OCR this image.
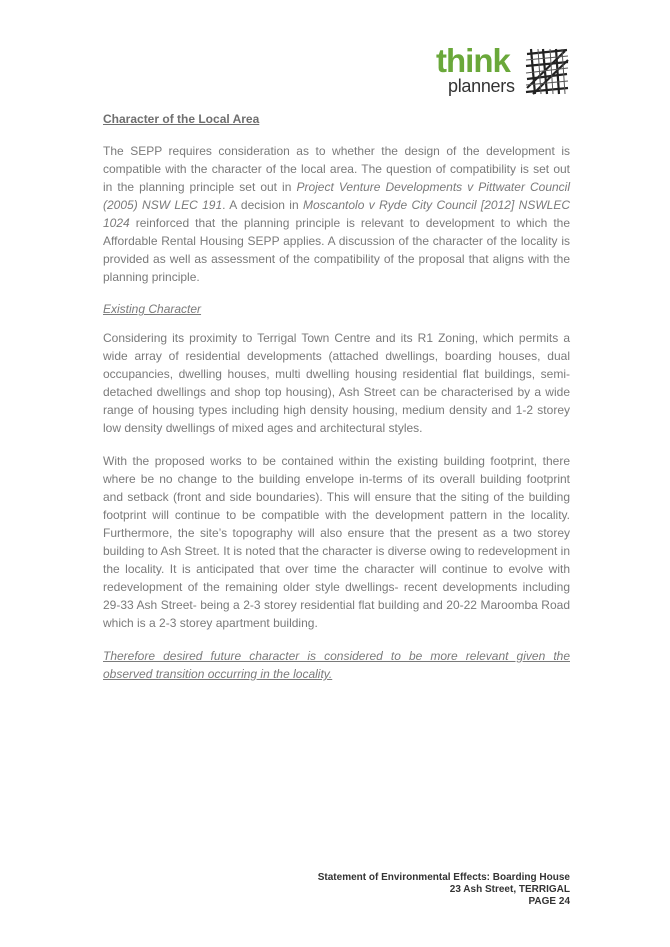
think
planners
Character of the Local Area

The SEPP requires consideration as to whether the design of the development is compatible with the character of the local area. The question of compatibility is set out in the planning principle set out in Project Venture Developments v Pittwater Council (2005) NSW LEC 191. A decision in Moscantolo v Ryde City Council [2012] NSWLEC 1024 reinforced that the planning principle is relevant to development to which the Affordable Rental Housing SEPP applies. A discussion of the character of the locality is provided as well as assessment of the compatibility of the proposal that aligns with the planning principle.

Existing Character

Considering its proximity to Terrigal Town Centre and its R1 Zoning, which permits a wide array of residential developments (attached dwellings, boarding houses, dual occupancies, dwelling houses, multi dwelling housing residential flat buildings, semi-detached dwellings and shop top housing), Ash Street can be characterised by a wide range of housing types including high density housing, medium density and 1-2 storey low density dwellings of mixed ages and architectural styles.

With the proposed works to be contained within the existing building footprint, there where be no change to the building envelope in-terms of its overall building footprint and setback (front and side boundaries). This will ensure that the siting of the building footprint will continue to be compatible with the development pattern in the locality. Furthermore, the site’s topography will also ensure that the present as a two storey building to Ash Street. It is noted that the character is diverse owing to redevelopment in the locality. It is anticipated that over time the character will continue to evolve with redevelopment of the remaining older style dwellings- recent developments including 29-33 Ash Street- being a 2-3 storey residential flat building and 20-22 Maroomba Road which is a 2-3 storey apartment building.

Therefore desired future character is considered to be more relevant given the observed transition occurring in the locality.

Statement of Environmental Effects: Boarding House
23 Ash Street, TERRIGAL
PAGE 24
